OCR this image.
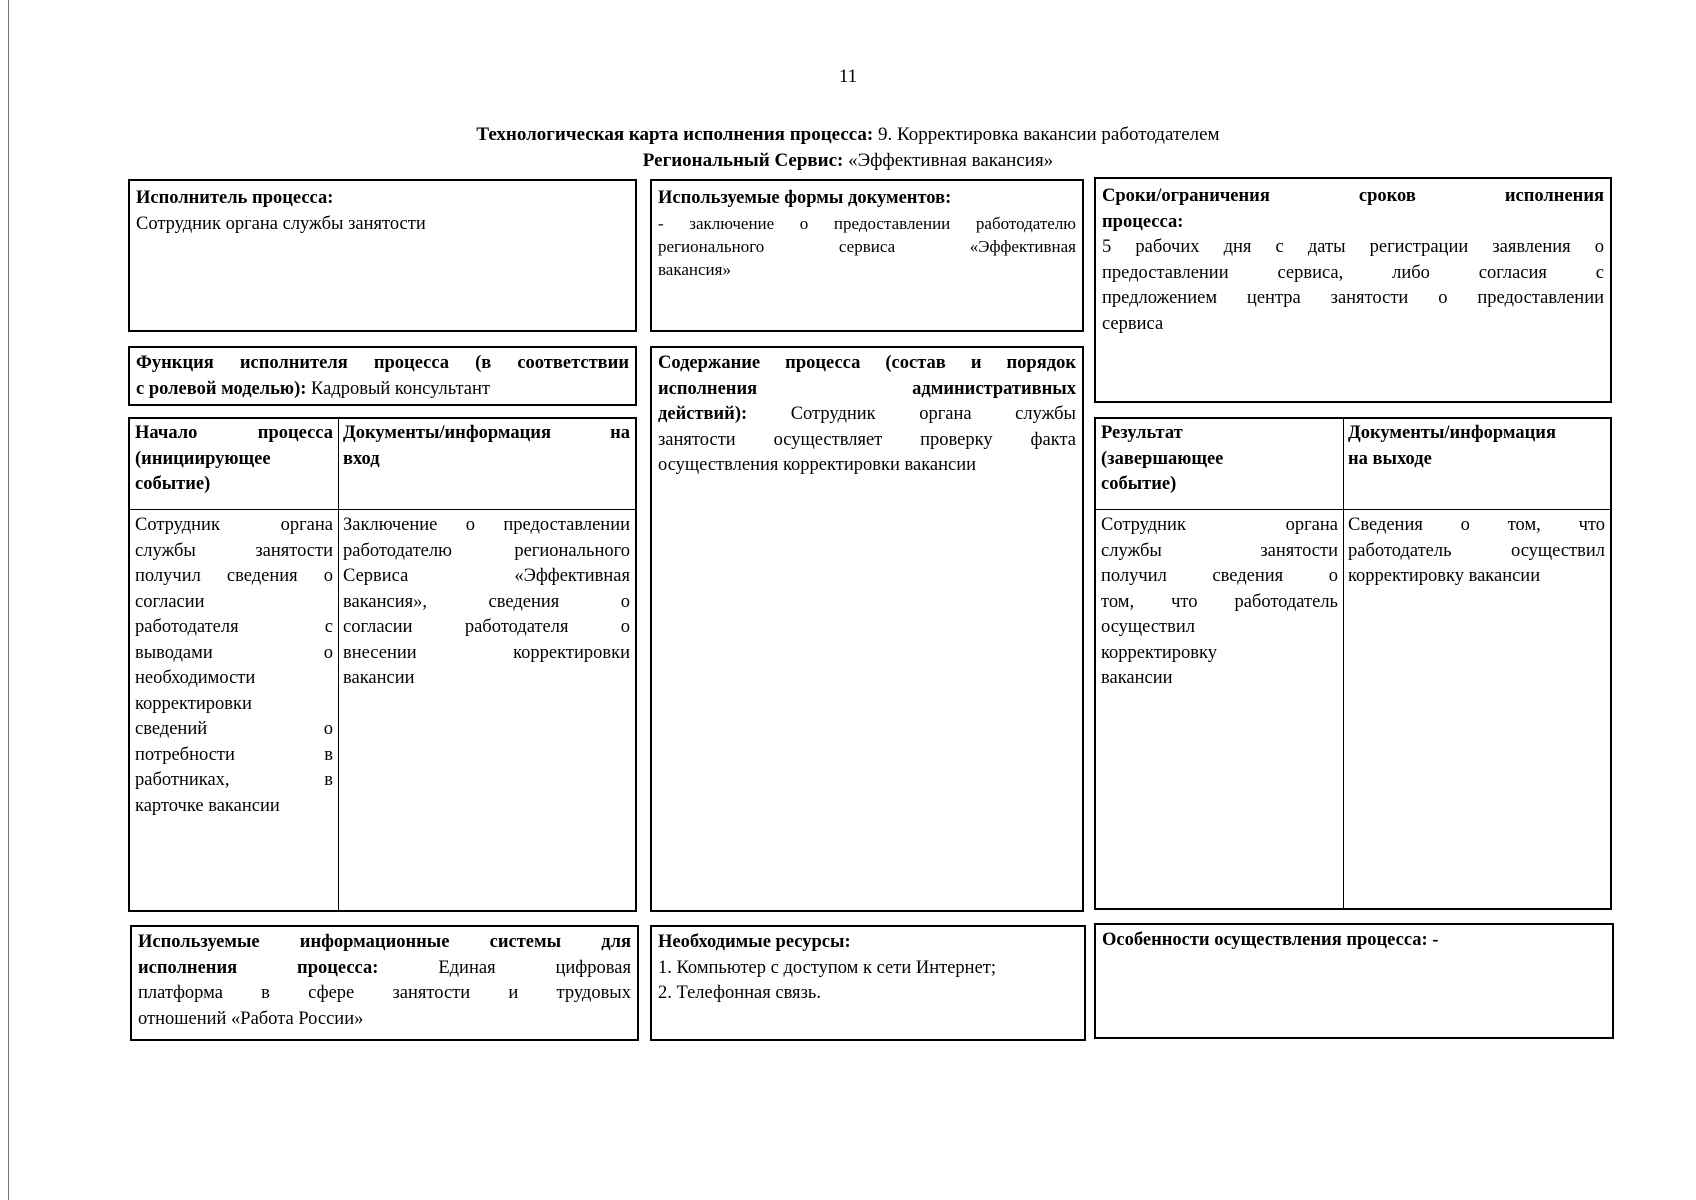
11
Технологическая карта исполнения процесса: 9. Корректировка вакансии работодателем
Региональный Сервис: «Эффективная вакансия»
Исполнитель процесса:
Сотрудник органа службы занятости
Используемые формы документов:
- заключение о предоставлении работодателю
регионального сервиса «Эффективная
вакансия»
Сроки/ограничения сроков исполнения
процесса:
5 рабочих дня с даты регистрации заявления о
предоставлении сервиса, либо согласия с
предложением центра занятости о предоставлении
сервиса
Функция исполнителя процесса (в соответствии
с ролевой моделью): Кадровый консультант
Содержание процесса (состав и порядок
исполнения административных
действий): Сотрудник органа службы
занятости осуществляет проверку факта
осуществления корректировки вакансии
Начало процесса
(инициирующее
событие)
Документы/информация на
вход
Сотрудник органа
службы занятости
получил сведения о
согласии
работодателя с
выводами о
необходимости
корректировки
сведений о
потребности в
работниках, в
карточке вакансии
Заключение о предоставлении
работодателю регионального
Сервиса «Эффективная
вакансия», сведения о
согласии работодателя о
внесении корректировки
вакансии
Результат
(завершающее
событие)
Документы/информация
на выходе
Сотрудник органа
службы занятости
получил сведения о
том, что работодатель
осуществил
корректировку
вакансии
Сведения о том, что
работодатель осуществил
корректировку вакансии
Используемые информационные системы для
исполнения процесса: Единая цифровая
платформа в сфере занятости и трудовых
отношений «Работа России»
Необходимые ресурсы:
1. Компьютер с доступом к сети Интернет;
2. Телефонная связь.
Особенности осуществления процесса: -
